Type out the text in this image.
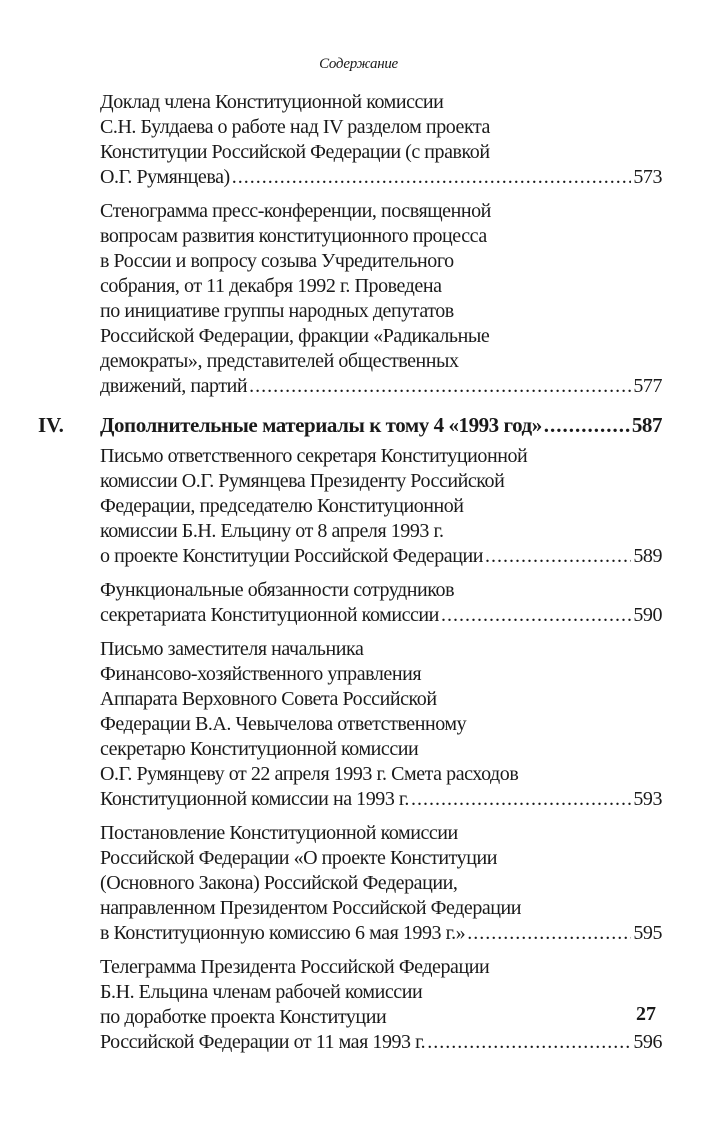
Содержание
Доклад члена Конституционной комиссии
С.Н. Булдаева о работе над IV разделом проекта
Конституции Российской Федерации (с правкой
О.Г. Румянцева) .....	573
Стенограмма пресс-конференции, посвященной
вопросам развития конституционного процесса
в России и вопросу созыва Учредительного
собрания, от 11 декабря 1992 г. Проведена
по инициативе группы народных депутатов
Российской Федерации, фракции «Радикальные
демократы», представителей общественных
движений, партий .....	577
IV. Дополнительные материалы к тому 4 «1993 год» .....	587
Письмо ответственного секретаря Конституционной
комиссии О.Г. Румянцева Президенту Российской
Федерации, председателю Конституционной
комиссии Б.Н. Ельцину от 8 апреля 1993 г.
о проекте Конституции Российской Федерации .....	589
Функциональные обязанности сотрудников
секретариата Конституционной комиссии .....	590
Письмо заместителя начальника
Финансово-хозяйственного управления
Аппарата Верховного Совета Российской
Федерации В.А. Чевычелова ответственному
секретарю Конституционной комиссии
О.Г. Румянцеву от 22 апреля 1993 г. Смета расходов
Конституционной комиссии на 1993 г. .....	593
Постановление Конституционной комиссии
Российской Федерации «О проекте Конституции
(Основного Закона) Российской Федерации,
направленном Президентом Российской Федерации
в Конституционную комиссию 6 мая 1993 г.» .....	595
Телеграмма Президента Российской Федерации
Б.Н. Ельцина членам рабочей комиссии
по доработке проекта Конституции
Российской Федерации от 11 мая 1993 г. .....	596
27
